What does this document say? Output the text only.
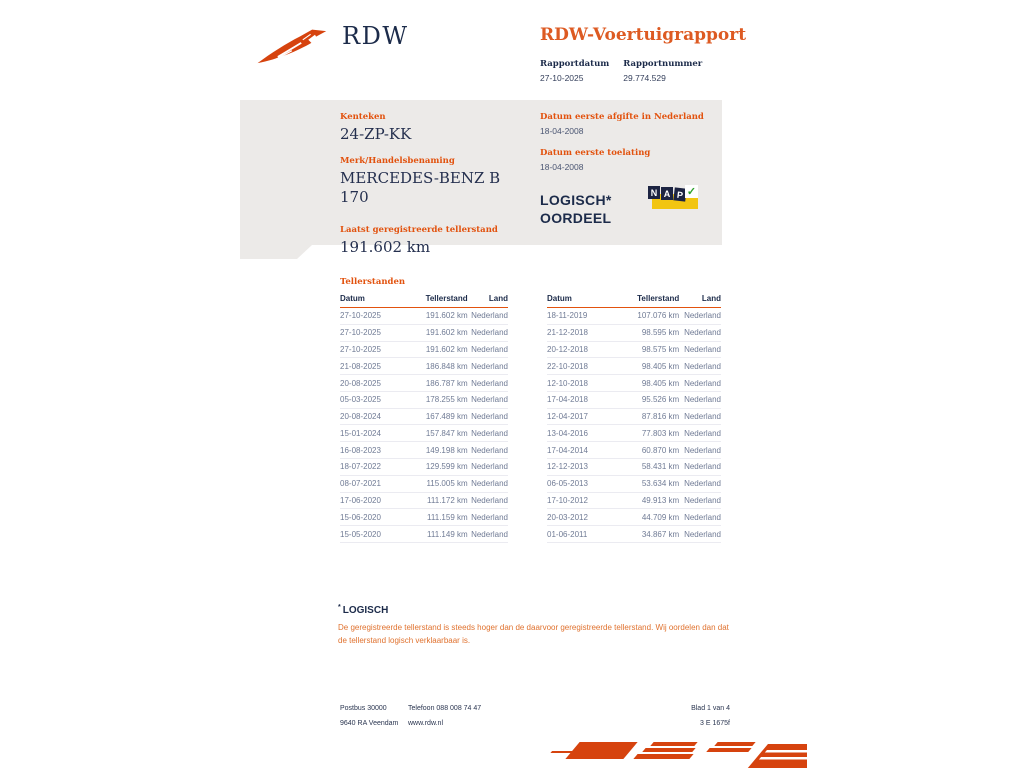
RDW	RDW-Voertuigrapport
Rapportdatum
27-10-2025
Rapportnummer
29.774.529
Kenteken
24-ZP-KK
Merk/Handelsbenaming
MERCEDES-BENZ B 170
Laatst geregistreerde tellerstand
191.602 km
Datum eerste afgifte in Nederland
18-04-2008
Datum eerste toelating
18-04-2008
LOGISCH*
OORDEEL
N A P ✓
Tellerstanden
Datum	Tellerstand	Land
27-10-2025	191.602 km	Nederland
27-10-2025	191.602 km	Nederland
27-10-2025	191.602 km	Nederland
21-08-2025	186.848 km	Nederland
20-08-2025	186.787 km	Nederland
05-03-2025	178.255 km	Nederland
20-08-2024	167.489 km	Nederland
15-01-2024	157.847 km	Nederland
16-08-2023	149.198 km	Nederland
18-07-2022	129.599 km	Nederland
08-07-2021	115.005 km	Nederland
17-06-2020	111.172 km	Nederland
15-06-2020	111.159 km	Nederland
15-05-2020	111.149 km	Nederland
Datum	Tellerstand	Land
18-11-2019	107.076 km	Nederland
21-12-2018	98.595 km	Nederland
20-12-2018	98.575 km	Nederland
22-10-2018	98.405 km	Nederland
12-10-2018	98.405 km	Nederland
17-04-2018	95.526 km	Nederland
12-04-2017	87.816 km	Nederland
13-04-2016	77.803 km	Nederland
17-04-2014	60.870 km	Nederland
12-12-2013	58.431 km	Nederland
06-05-2013	53.634 km	Nederland
17-10-2012	49.913 km	Nederland
20-03-2012	44.709 km	Nederland
01-06-2011	34.867 km	Nederland
* LOGISCH
De geregistreerde tellerstand is steeds hoger dan de daarvoor geregistreerde tellerstand. Wij oordelen dan dat de tellerstand logisch verklaarbaar is.
Postbus 30000
9640 RA Veendam
Telefoon 088 008 74 47
www.rdw.nl
Blad 1 van 4
3 E 1675f
